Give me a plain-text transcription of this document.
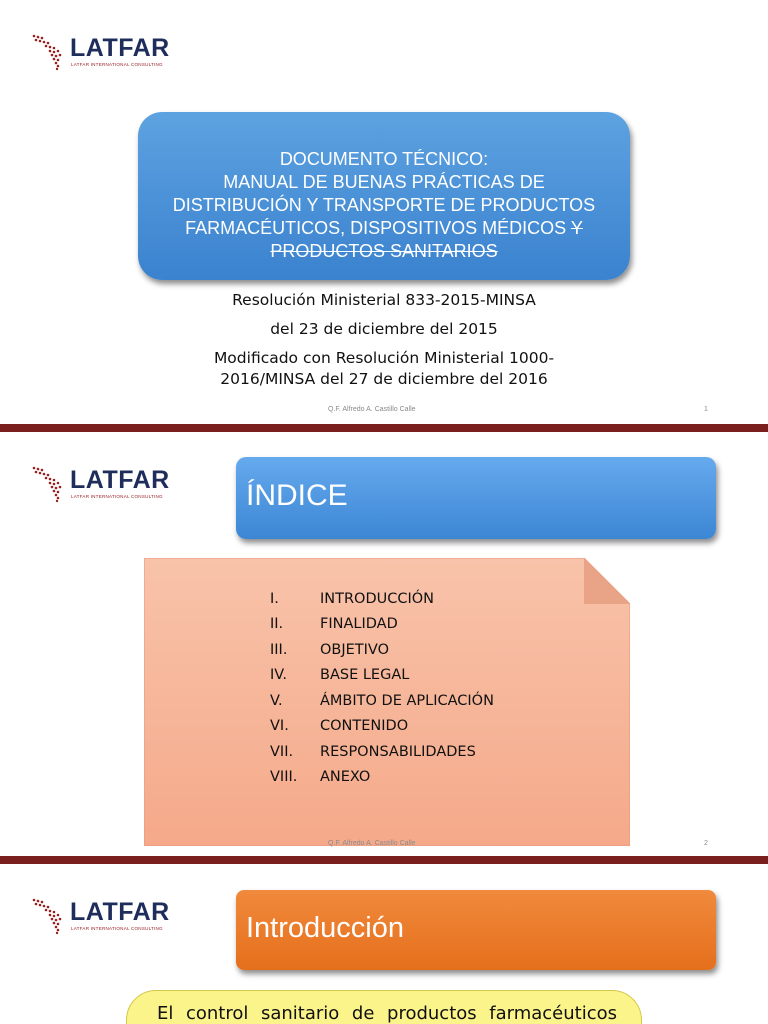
LATFAR
LATFAR INTERNATIONAL CONSULTING
DOCUMENTO TÉCNICO:
MANUAL DE BUENAS PRÁCTICAS DE
DISTRIBUCIÓN Y TRANSPORTE DE PRODUCTOS
FARMACÉUTICOS, DISPOSITIVOS MÉDICOS Y
PRODUCTOS SANITARIOS
Resolución Ministerial 833-2015-MINSA
del 23 de diciembre del 2015
Modificado con Resolución Ministerial 1000-
2016/MINSA del 27 de diciembre del 2016
Q.F. Alfredo A. Castillo Calle	1
LATFAR
LATFAR INTERNATIONAL CONSULTING	ÍNDICE
I.	INTRODUCCIÓN
II.	FINALIDAD
III.	OBJETIVO
IV.	BASE LEGAL
V.	ÁMBITO DE APLICACIÓN
VI.	CONTENIDO
VII.	RESPONSABILIDADES
VIII.	ANEXO
Q.F. Alfredo A. Castillo Calle	2
LATFAR
LATFAR INTERNATIONAL CONSULTING	Introducción
El control sanitario de productos farmacéuticos
